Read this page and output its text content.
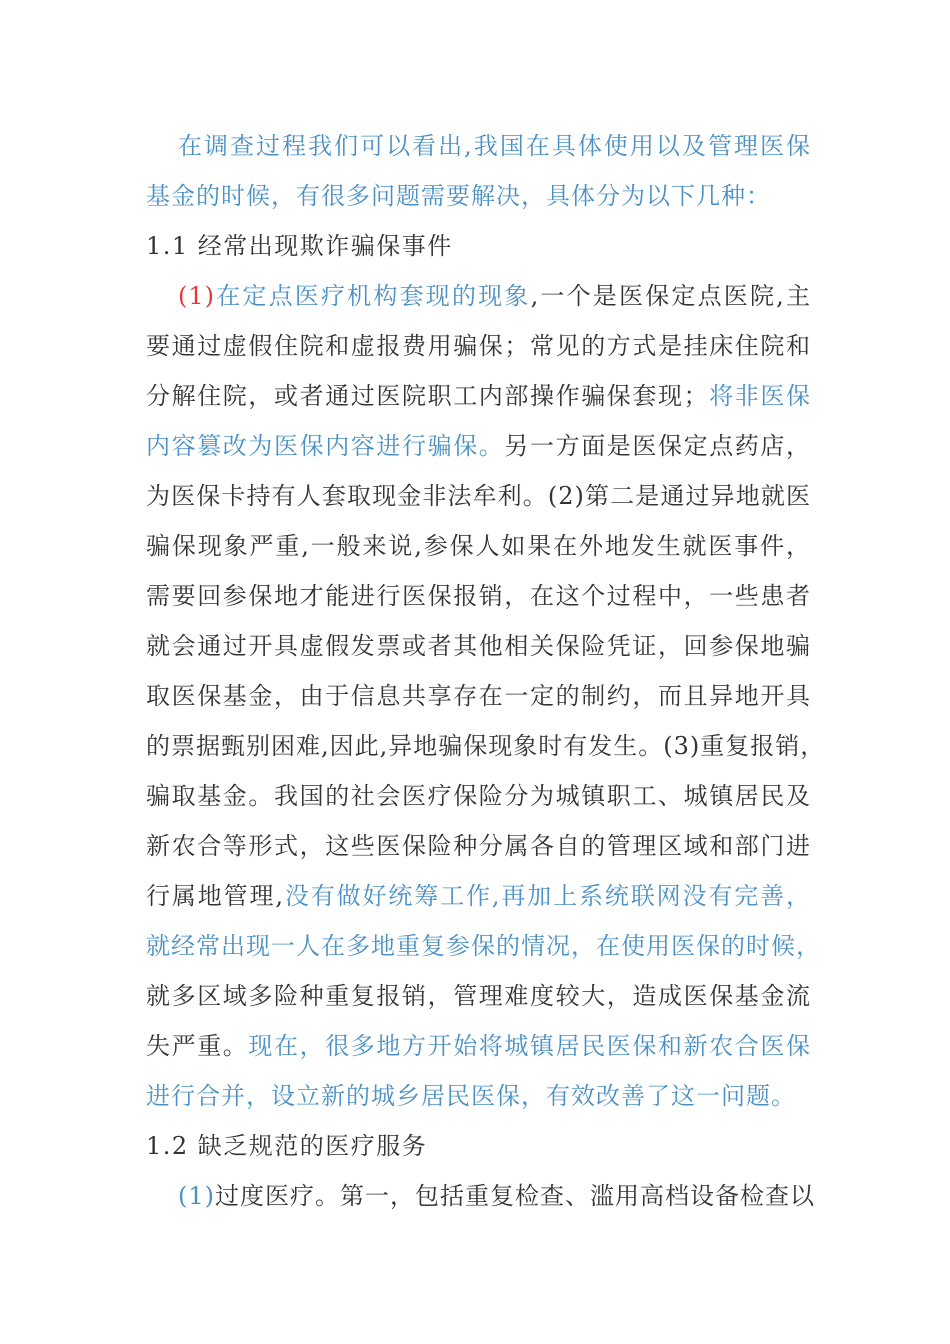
在调查过程我们可以看出,我国在具体使用以及管理医保
基金的时候，有很多问题需要解决，具体分为以下几种：
1.1 经常出现欺诈骗保事件
(1)在定点医疗机构套现的现象,一个是医保定点医院,主
要通过虚假住院和虚报费用骗保；常见的方式是挂床住院和
分解住院，或者通过医院职工内部操作骗保套现；将非医保
内容篡改为医保内容进行骗保。另一方面是医保定点药店，
为医保卡持有人套取现金非法牟利。(2)第二是通过异地就医
骗保现象严重,一般来说,参保人如果在外地发生就医事件，
需要回参保地才能进行医保报销，在这个过程中，一些患者
就会通过开具虚假发票或者其他相关保险凭证，回参保地骗
取医保基金，由于信息共享存在一定的制约，而且异地开具
的票据甄别困难,因此,异地骗保现象时有发生。(3)重复报销，
骗取基金。我国的社会医疗保险分为城镇职工、城镇居民及
新农合等形式，这些医保险种分属各自的管理区域和部门进
行属地管理,没有做好统筹工作,再加上系统联网没有完善，
就经常出现一人在多地重复参保的情况，在使用医保的时候，
就多区域多险种重复报销，管理难度较大，造成医保基金流
失严重。现在，很多地方开始将城镇居民医保和新农合医保
进行合并，设立新的城乡居民医保，有效改善了这一问题。
1.2 缺乏规范的医疗服务
(1)过度医疗。第一，包括重复检查、滥用高档设备检查以
